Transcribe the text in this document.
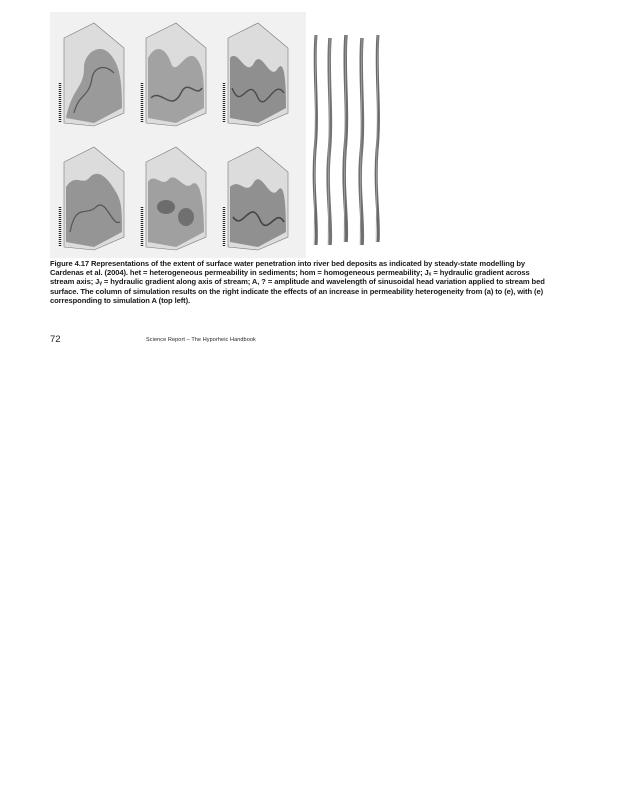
Figure 4.17 Representations of the extent of surface water penetration into river bed deposits as indicated by steady-state modelling by Cardenas et al. (2004). het = heterogeneous permeability in sediments; hom = homogeneous permeability; Jₓ = hydraulic gradient across stream axis; Jᵧ = hydraulic gradient along axis of stream; A, ? = amplitude and wavelength of sinusoidal head variation applied to stream bed surface. The column of simulation results on the right indicate the effects of an increase in permeability heterogeneity from (a) to (e), with (e) corresponding to simulation A (top left).
72	Science Report – The Hyporheic Handbook
